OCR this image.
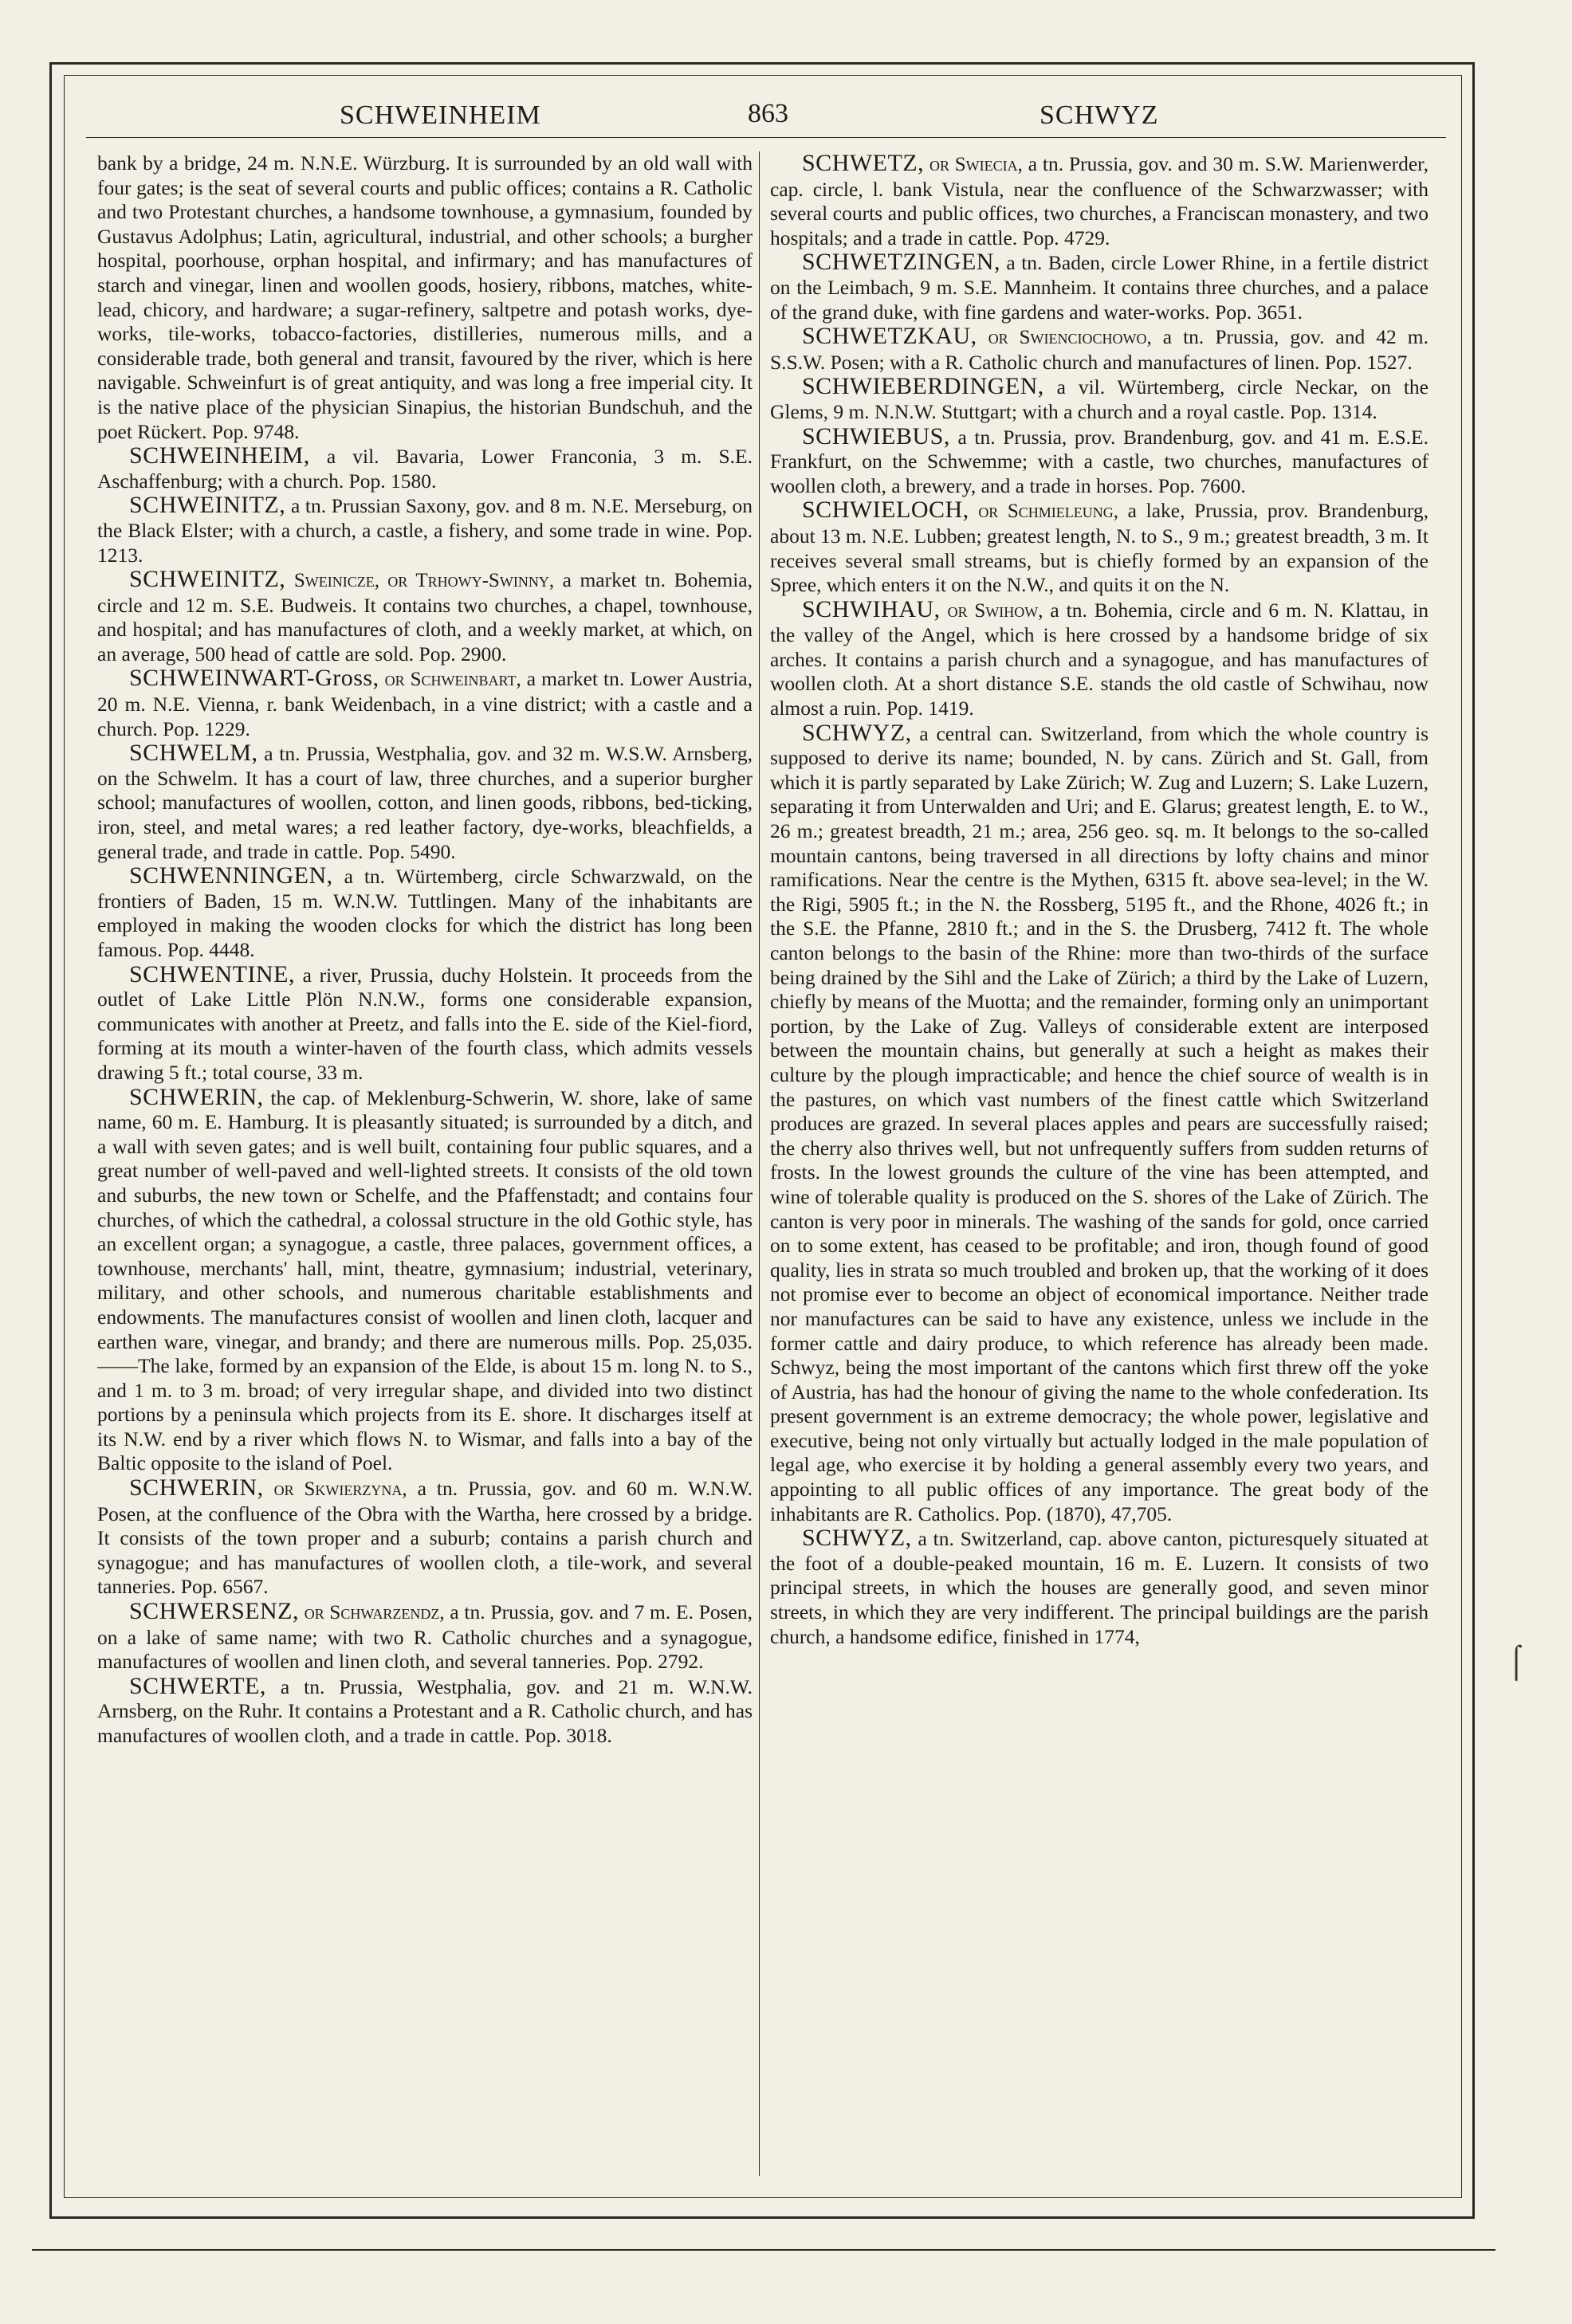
SCHWEINHEIM	863	SCHWYZ

bank by a bridge, 24 m. N.N.E. Würzburg. It is surrounded by an old wall with four gates; is the seat of several courts and public offices; contains a R. Catholic and two Protestant churches, a handsome townhouse, a gymnasium, founded by Gustavus Adolphus; Latin, agricultural, industrial, and other schools; a burgher hospital, poorhouse, orphan hospital, and infirmary; and has manufactures of starch and vinegar, linen and woollen goods, hosiery, ribbons, matches, white-lead, chicory, and hardware; a sugar-refinery, saltpetre and potash works, dye-works, tile-works, tobacco-factories, distilleries, numerous mills, and a considerable trade, both general and transit, favoured by the river, which is here navigable. Schweinfurt is of great antiquity, and was long a free imperial city. It is the native place of the physician Sinapius, the historian Bundschuh, and the poet Rückert. Pop. 9748.

SCHWEINHEIM, a vil. Bavaria, Lower Franconia, 3 m. S.E. Aschaffenburg; with a church. Pop. 1580.

SCHWEINITZ, a tn. Prussian Saxony, gov. and 8 m. N.E. Merseburg, on the Black Elster; with a church, a castle, a fishery, and some trade in wine. Pop. 1213.

SCHWEINITZ, Sweinicze, or Trhowy-Swinny, a market tn. Bohemia, circle and 12 m. S.E. Budweis. It contains two churches, a chapel, townhouse, and hospital; and has manufactures of cloth, and a weekly market, at which, on an average, 500 head of cattle are sold. Pop. 2900.

SCHWEINWART-Gross, or Schweinbart, a market tn. Lower Austria, 20 m. N.E. Vienna, r. bank Weidenbach, in a vine district; with a castle and a church. Pop. 1229.

SCHWELM, a tn. Prussia, Westphalia, gov. and 32 m. W.S.W. Arnsberg, on the Schwelm. It has a court of law, three churches, and a superior burgher school; manufactures of woollen, cotton, and linen goods, ribbons, bed-ticking, iron, steel, and metal wares; a red leather factory, dye-works, bleachfields, a general trade, and trade in cattle. Pop. 5490.

SCHWENNINGEN, a tn. Würtemberg, circle Schwarzwald, on the frontiers of Baden, 15 m. W.N.W. Tuttlingen. Many of the inhabitants are employed in making the wooden clocks for which the district has long been famous. Pop. 4448.

SCHWENTINE, a river, Prussia, duchy Holstein. It proceeds from the outlet of Lake Little Plön N.N.W., forms one considerable expansion, communicates with another at Preetz, and falls into the E. side of the Kiel-fiord, forming at its mouth a winter-haven of the fourth class, which admits vessels drawing 5 ft.; total course, 33 m.

SCHWERIN, the cap. of Meklenburg-Schwerin, W. shore, lake of same name, 60 m. E. Hamburg. It is pleasantly situated; is surrounded by a ditch, and a wall with seven gates; and is well built, containing four public squares, and a great number of well-paved and well-lighted streets. It consists of the old town and suburbs, the new town or Schelfe, and the Pfaffenstadt; and contains four churches, of which the cathedral, a colossal structure in the old Gothic style, has an excellent organ; a synagogue, a castle, three palaces, government offices, a townhouse, merchants' hall, mint, theatre, gymnasium; industrial, veterinary, military, and other schools, and numerous charitable establishments and endowments. The manufactures consist of woollen and linen cloth, lacquer and earthen ware, vinegar, and brandy; and there are numerous mills. Pop. 25,035.——The lake, formed by an expansion of the Elde, is about 15 m. long N. to S., and 1 m. to 3 m. broad; of very irregular shape, and divided into two distinct portions by a peninsula which projects from its E. shore. It discharges itself at its N.W. end by a river which flows N. to Wismar, and falls into a bay of the Baltic opposite to the island of Poel.

SCHWERIN, or Skwierzyna, a tn. Prussia, gov. and 60 m. W.N.W. Posen, at the confluence of the Obra with the Wartha, here crossed by a bridge. It consists of the town proper and a suburb; contains a parish church and synagogue; and has manufactures of woollen cloth, a tile-work, and several tanneries. Pop. 6567.

SCHWERSENZ, or Schwarzendz, a tn. Prussia, gov. and 7 m. E. Posen, on a lake of same name; with two R. Catholic churches and a synagogue, manufactures of woollen and linen cloth, and several tanneries. Pop. 2792.

SCHWERTE, a tn. Prussia, Westphalia, gov. and 21 m. W.N.W. Arnsberg, on the Ruhr. It contains a Protestant and a R. Catholic church, and has manufactures of woollen cloth, and a trade in cattle. Pop. 3018.

SCHWETZ, or Swiecia, a tn. Prussia, gov. and 30 m. S.W. Marienwerder, cap. circle, l. bank Vistula, near the confluence of the Schwarzwasser; with several courts and public offices, two churches, a Franciscan monastery, and two hospitals; and a trade in cattle. Pop. 4729.

SCHWETZINGEN, a tn. Baden, circle Lower Rhine, in a fertile district on the Leimbach, 9 m. S.E. Mannheim. It contains three churches, and a palace of the grand duke, with fine gardens and water-works. Pop. 3651.

SCHWETZKAU, or Swienciochowo, a tn. Prussia, gov. and 42 m. S.S.W. Posen; with a R. Catholic church and manufactures of linen. Pop. 1527.

SCHWIEBERDINGEN, a vil. Würtemberg, circle Neckar, on the Glems, 9 m. N.N.W. Stuttgart; with a church and a royal castle. Pop. 1314.

SCHWIEBUS, a tn. Prussia, prov. Brandenburg, gov. and 41 m. E.S.E. Frankfurt, on the Schwemme; with a castle, two churches, manufactures of woollen cloth, a brewery, and a trade in horses. Pop. 7600.

SCHWIELOCH, or Schmieleung, a lake, Prussia, prov. Brandenburg, about 13 m. N.E. Lubben; greatest length, N. to S., 9 m.; greatest breadth, 3 m. It receives several small streams, but is chiefly formed by an expansion of the Spree, which enters it on the N.W., and quits it on the N.

SCHWIHAU, or Swihow, a tn. Bohemia, circle and 6 m. N. Klattau, in the valley of the Angel, which is here crossed by a handsome bridge of six arches. It contains a parish church and a synagogue, and has manufactures of woollen cloth. At a short distance S.E. stands the old castle of Schwihau, now almost a ruin. Pop. 1419.

SCHWYZ, a central can. Switzerland, from which the whole country is supposed to derive its name; bounded, N. by cans. Zürich and St. Gall, from which it is partly separated by Lake Zürich; W. Zug and Luzern; S. Lake Luzern, separating it from Unterwalden and Uri; and E. Glarus; greatest length, E. to W., 26 m.; greatest breadth, 21 m.; area, 256 geo. sq. m. It belongs to the so-called mountain cantons, being traversed in all directions by lofty chains and minor ramifications. Near the centre is the Mythen, 6315 ft. above sea-level; in the W. the Rigi, 5905 ft.; in the N. the Rossberg, 5195 ft., and the Rhone, 4026 ft.; in the S.E. the Pfanne, 2810 ft.; and in the S. the Drusberg, 7412 ft. The whole canton belongs to the basin of the Rhine: more than two-thirds of the surface being drained by the Sihl and the Lake of Zürich; a third by the Lake of Luzern, chiefly by means of the Muotta; and the remainder, forming only an unimportant portion, by the Lake of Zug. Valleys of considerable extent are interposed between the mountain chains, but generally at such a height as makes their culture by the plough impracticable; and hence the chief source of wealth is in the pastures, on which vast numbers of the finest cattle which Switzerland produces are grazed. In several places apples and pears are successfully raised; the cherry also thrives well, but not unfrequently suffers from sudden returns of frosts. In the lowest grounds the culture of the vine has been attempted, and wine of tolerable quality is produced on the S. shores of the Lake of Zürich. The canton is very poor in minerals. The washing of the sands for gold, once carried on to some extent, has ceased to be profitable; and iron, though found of good quality, lies in strata so much troubled and broken up, that the working of it does not promise ever to become an object of economical importance. Neither trade nor manufactures can be said to have any existence, unless we include in the former cattle and dairy produce, to which reference has already been made. Schwyz, being the most important of the cantons which first threw off the yoke of Austria, has had the honour of giving the name to the whole confederation. Its present government is an extreme democracy; the whole power, legislative and executive, being not only virtually but actually lodged in the male population of legal age, who exercise it by holding a general assembly every two years, and appointing to all public offices of any importance. The great body of the inhabitants are R. Catholics. Pop. (1870), 47,705.

SCHWYZ, a tn. Switzerland, cap. above canton, picturesquely situated at the foot of a double-peaked mountain, 16 m. E. Luzern. It consists of two principal streets, in which the houses are generally good, and seven minor streets, in which they are very indifferent. The principal buildings are the parish church, a handsome edifice, finished in 1774,

⌠
